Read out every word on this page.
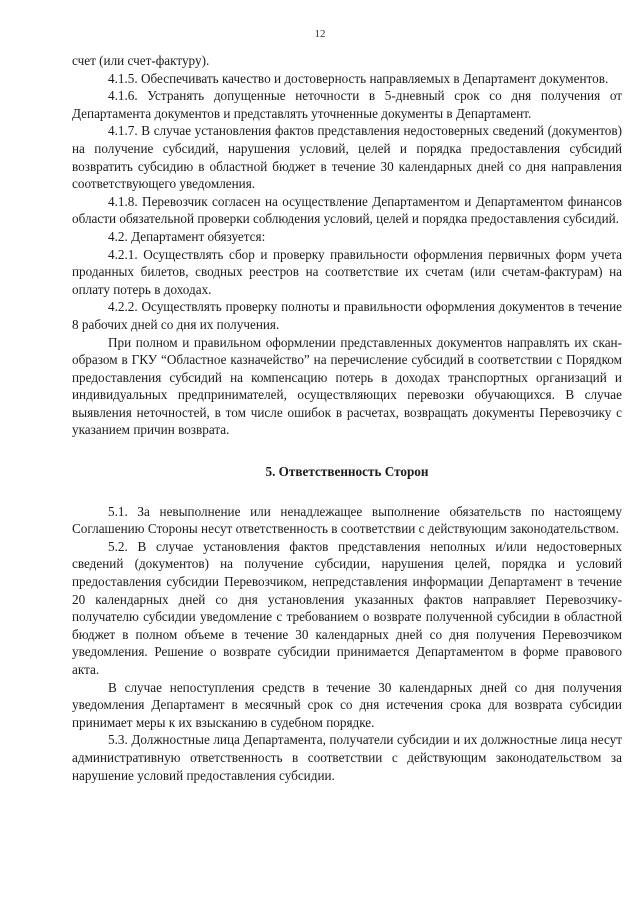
12

счет (или счет-фактуру).

4.1.5. Обеспечивать качество и достоверность направляемых в Департамент документов.

4.1.6. Устранять допущенные неточности в 5-дневный срок со дня получения от Департамента документов и представлять уточненные документы в Департамент.

4.1.7. В случае установления фактов представления недостоверных сведений (документов) на получение субсидий, нарушения условий, целей и порядка предоставления субсидий возвратить субсидию в областной бюджет в течение 30 календарных дней со дня направления соответствующего уведомления.

4.1.8. Перевозчик согласен на осуществление Департаментом и Департаментом финансов области обязательной проверки соблюдения условий, целей и порядка предоставления субсидий.

4.2. Департамент обязуется:

4.2.1. Осуществлять сбор и проверку правильности оформления первичных форм учета проданных билетов, сводных реестров на соответствие их счетам (или счетам-фактурам) на оплату потерь в доходах.

4.2.2. Осуществлять проверку полноты и правильности оформления документов в течение 8 рабочих дней со дня их получения.

При полном и правильном оформлении представленных документов направлять их скан-образом в ГКУ “Областное казначейство” на перечисление субсидий в соответствии с Порядком предоставления субсидий на компенсацию потерь в доходах транспортных организаций и индивидуальных предпринимателей, осуществляющих перевозки обучающихся. В случае выявления неточностей, в том числе ошибок в расчетах, возвращать документы Перевозчику с указанием причин возврата.

5. Ответственность Сторон

5.1. За невыполнение или ненадлежащее выполнение обязательств по настоящему Соглашению Стороны несут ответственность в соответствии с действующим законодательством.

5.2. В случае установления фактов представления неполных и/или недостоверных сведений (документов) на получение субсидии, нарушения целей, порядка и условий предоставления субсидии Перевозчиком, непредставления информации Департамент в течение 20 календарных дней со дня установления указанных фактов направляет Перевозчику-получателю субсидии уведомление с требованием о возврате полученной субсидии в областной бюджет в полном объеме в течение 30 календарных дней со дня получения Перевозчиком уведомления. Решение о возврате субсидии принимается Департаментом в форме правового акта.

В случае непоступления средств в течение 30 календарных дней со дня получения уведомления Департамент в месячный срок со дня истечения срока для возврата субсидии принимает меры к их взысканию в судебном порядке.

5.3. Должностные лица Департамента, получатели субсидии и их должностные лица несут административную ответственность в соответствии с действующим законодательством за нарушение условий предоставления субсидии.
